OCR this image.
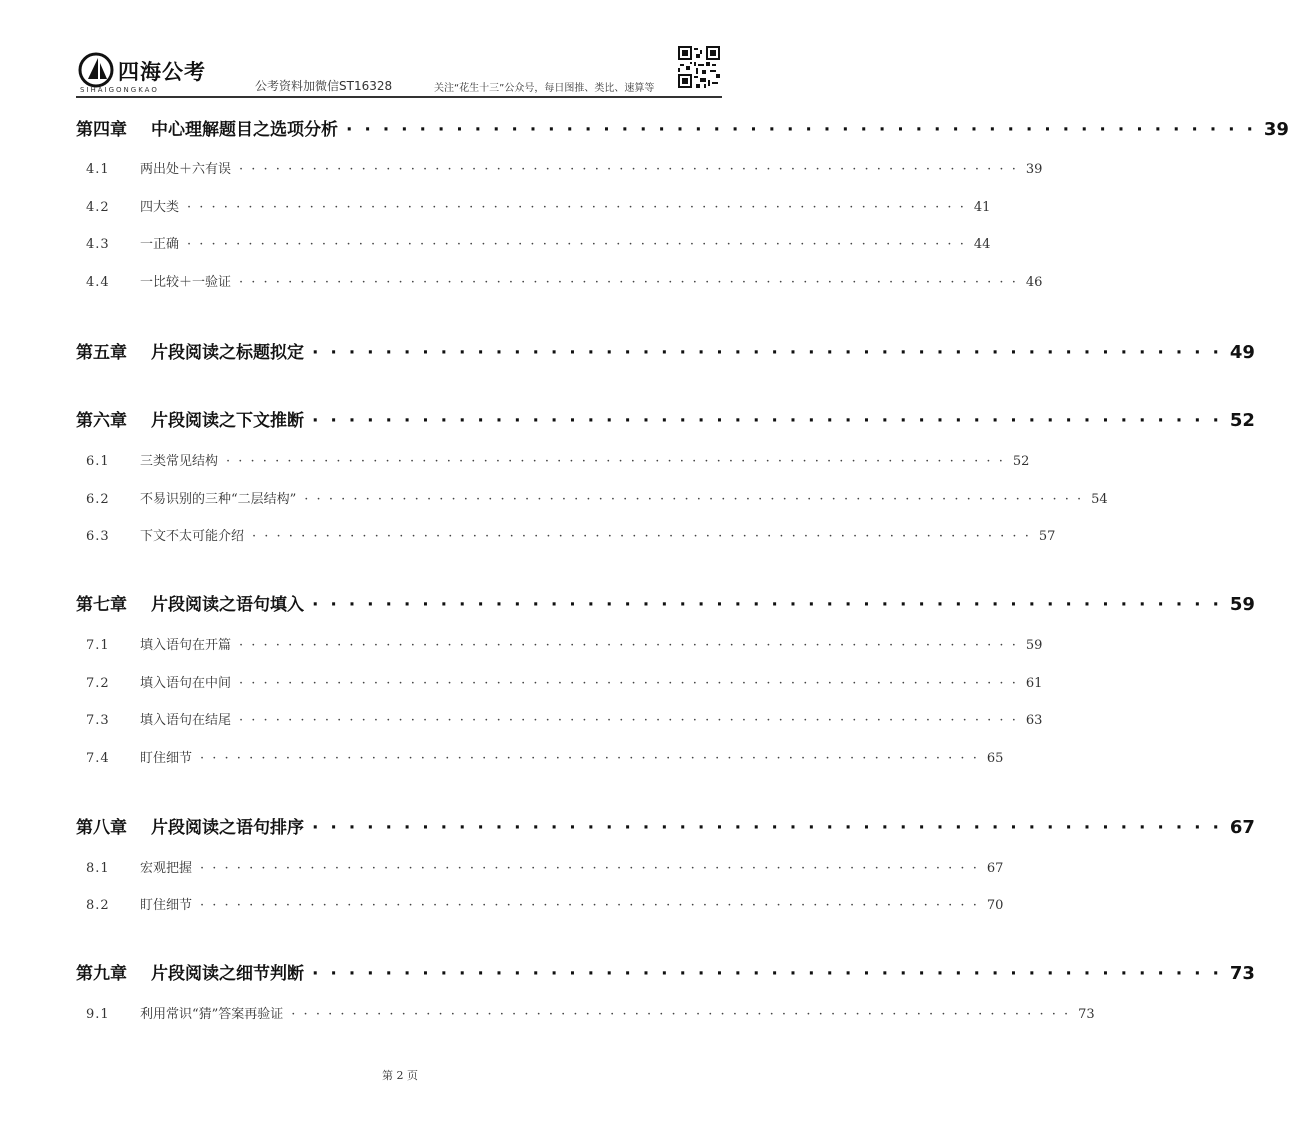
四海公考
SIHAIGONGKAO	公考资料加微信ST16328	关注“花生十三”公众号，每日图推、类比、速算等
第四章 中心理解题目之选项分析 · · · · · · · · · · · · · · · · · · · · · · · · · · · · · · · · · · · · · · · · · · · · · · · · · · 39
4.1 两出处＋六有误 · · · · · · · · · · · · · · · · · · · · · · · · · · · · · · · · · · · · · · · · · · · · · · · · · · · · · · · · · · · · · · · · 39
4.2 四大类 · · · · · · · · · · · · · · · · · · · · · · · · · · · · · · · · · · · · · · · · · · · · · · · · · · · · · · · · · · · · · · · · 41
4.3 一正确 · · · · · · · · · · · · · · · · · · · · · · · · · · · · · · · · · · · · · · · · · · · · · · · · · · · · · · · · · · · · · · · · 44
4.4 一比较＋一验证 · · · · · · · · · · · · · · · · · · · · · · · · · · · · · · · · · · · · · · · · · · · · · · · · · · · · · · · · · · · · · · · · 46
第五章 片段阅读之标题拟定 · · · · · · · · · · · · · · · · · · · · · · · · · · · · · · · · · · · · · · · · · · · · · · · · · · 49
第六章 片段阅读之下文推断 · · · · · · · · · · · · · · · · · · · · · · · · · · · · · · · · · · · · · · · · · · · · · · · · · · 52
6.1 三类常见结构 · · · · · · · · · · · · · · · · · · · · · · · · · · · · · · · · · · · · · · · · · · · · · · · · · · · · · · · · · · · · · · · · 52
6.2 不易识别的三种“二层结构” · · · · · · · · · · · · · · · · · · · · · · · · · · · · · · · · · · · · · · · · · · · · · · · · · · · · · · · · · · · · · · · · 54
6.3 下文不太可能介绍 · · · · · · · · · · · · · · · · · · · · · · · · · · · · · · · · · · · · · · · · · · · · · · · · · · · · · · · · · · · · · · · · 57
第七章 片段阅读之语句填入 · · · · · · · · · · · · · · · · · · · · · · · · · · · · · · · · · · · · · · · · · · · · · · · · · · 59
7.1 填入语句在开篇 · · · · · · · · · · · · · · · · · · · · · · · · · · · · · · · · · · · · · · · · · · · · · · · · · · · · · · · · · · · · · · · · 59
7.2 填入语句在中间 · · · · · · · · · · · · · · · · · · · · · · · · · · · · · · · · · · · · · · · · · · · · · · · · · · · · · · · · · · · · · · · · 61
7.3 填入语句在结尾 · · · · · · · · · · · · · · · · · · · · · · · · · · · · · · · · · · · · · · · · · · · · · · · · · · · · · · · · · · · · · · · · 63
7.4 盯住细节 · · · · · · · · · · · · · · · · · · · · · · · · · · · · · · · · · · · · · · · · · · · · · · · · · · · · · · · · · · · · · · · · 65
第八章 片段阅读之语句排序 · · · · · · · · · · · · · · · · · · · · · · · · · · · · · · · · · · · · · · · · · · · · · · · · · · 67
8.1 宏观把握 · · · · · · · · · · · · · · · · · · · · · · · · · · · · · · · · · · · · · · · · · · · · · · · · · · · · · · · · · · · · · · · · 67
8.2 盯住细节 · · · · · · · · · · · · · · · · · · · · · · · · · · · · · · · · · · · · · · · · · · · · · · · · · · · · · · · · · · · · · · · · 70
第九章 片段阅读之细节判断 · · · · · · · · · · · · · · · · · · · · · · · · · · · · · · · · · · · · · · · · · · · · · · · · · · 73
9.1 利用常识“猜”答案再验证 · · · · · · · · · · · · · · · · · · · · · · · · · · · · · · · · · · · · · · · · · · · · · · · · · · · · · · · · · · · · · · · · 73
第 2 页
